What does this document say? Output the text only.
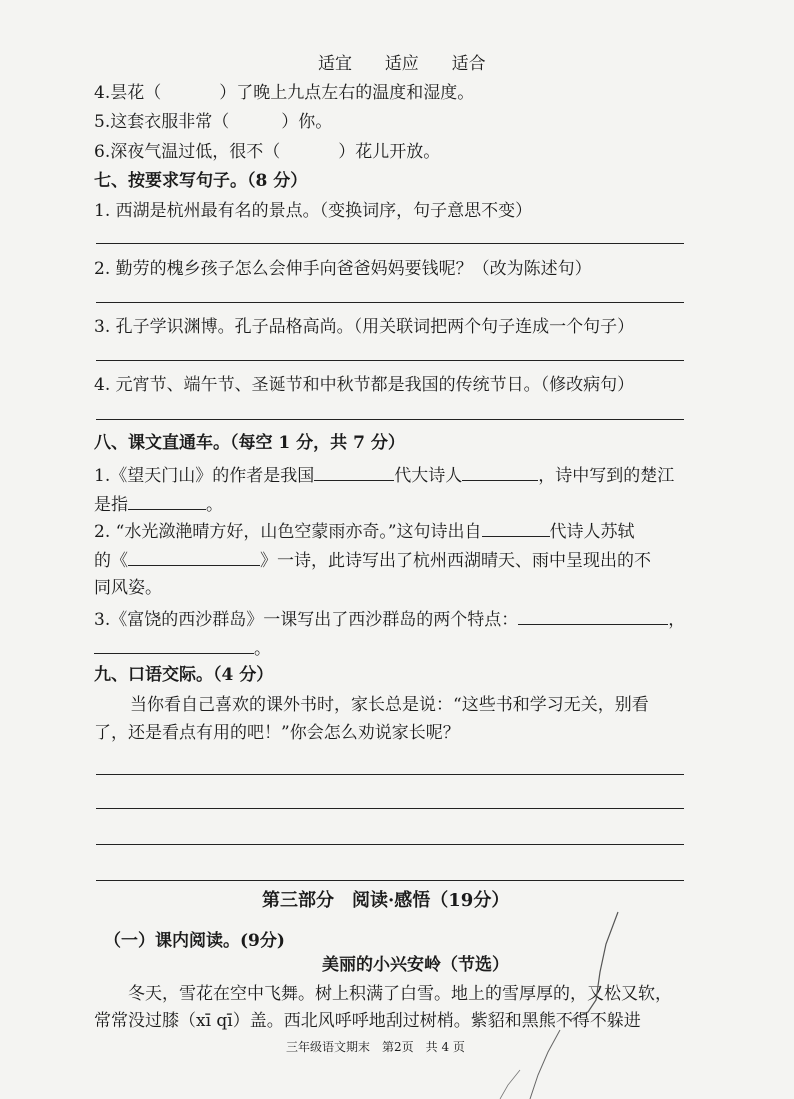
适宜 适应 适合
4.昙花（	）了晚上九点左右的温度和湿度。
5.这套衣服非常（	）你。
6.深夜气温过低，很不（	）花儿开放。
七、按要求写句子。（8 分）
1. 西湖是杭州最有名的景点。（变换词序，句子意思不变）
2. 勤劳的槐乡孩子怎么会伸手向爸爸妈妈要钱呢？（改为陈述句）
3. 孔子学识渊博。孔子品格高尚。（用关联词把两个句子连成一个句子）
4. 元宵节、端午节、圣诞节和中秋节都是我国的传统节日。（修改病句）
八、课文直通车。（每空 1 分，共 7 分）
1.《望天门山》的作者是我国	代大诗人	，诗中写到的楚江
是指	。
2. “水光潋滟晴方好，山色空蒙雨亦奇。”这句诗出自	代诗人苏轼
的《	》一诗，此诗写出了杭州西湖晴天、雨中呈现出的不
同风姿。
3.《富饶的西沙群岛》一课写出了西沙群岛的两个特点：	，
。
九、口语交际。（4 分）
当你看自己喜欢的课外书时，家长总是说：“这些书和学习无关，别看
了，还是看点有用的吧！”你会怎么劝说家长呢？
第三部分　阅读·感悟（19分）
（一）课内阅读。(9分)
美丽的小兴安岭（节选）
冬天，雪花在空中飞舞。树上积满了白雪。地上的雪厚厚的，又松又软，
常常没过膝（xī qī）盖。西北风呼呼地刮过树梢。紫貂和黑熊不得不躲进
三年级语文期末　第2页　共 4 页
